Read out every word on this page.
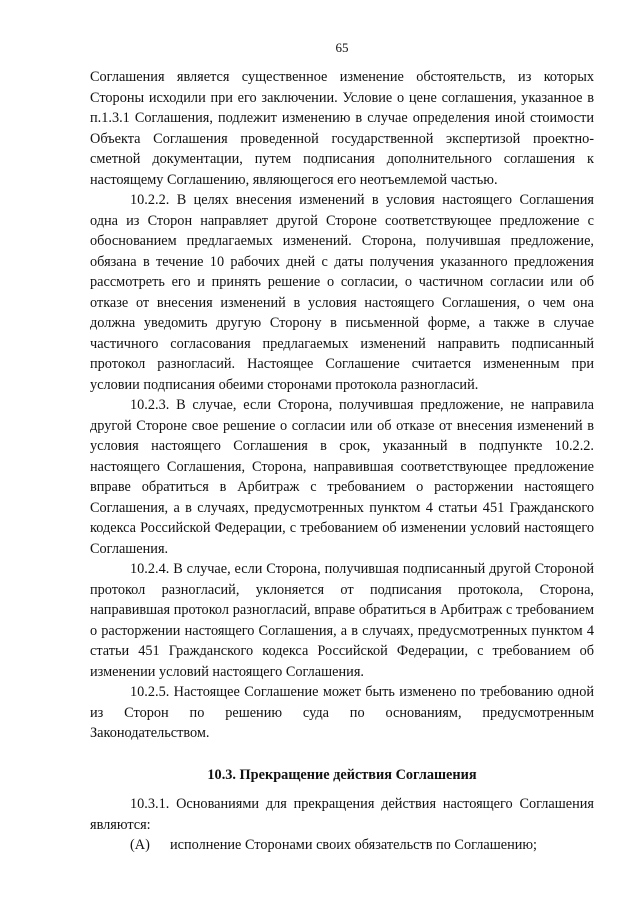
65

Соглашения является существенное изменение обстоятельств, из которых Стороны исходили при его заключении. Условие о цене соглашения, указанное в п.1.3.1 Соглашения, подлежит изменению в случае определения иной стоимости Объекта Соглашения проведенной государственной экспертизой проектно-сметной документации, путем подписания дополнительного соглашения к настоящему Соглашению, являющегося его неотъемлемой частью.

10.2.2. В целях внесения изменений в условия настоящего Соглашения одна из Сторон направляет другой Стороне соответствующее предложение с обоснованием предлагаемых изменений. Сторона, получившая предложение, обязана в течение 10 рабочих дней с даты получения указанного предложения рассмотреть его и принять решение о согласии, о частичном согласии или об отказе от внесения изменений в условия настоящего Соглашения, о чем она должна уведомить другую Сторону в письменной форме, а также в случае частичного согласования предлагаемых изменений направить подписанный протокол разногласий. Настоящее Соглашение считается измененным при условии подписания обеими сторонами протокола разногласий.

10.2.3. В случае, если Сторона, получившая предложение, не направила другой Стороне свое решение о согласии или об отказе от внесения изменений в условия настоящего Соглашения в срок, указанный в подпункте 10.2.2. настоящего Соглашения, Сторона, направившая соответствующее предложение вправе обратиться в Арбитраж с требованием о расторжении настоящего Соглашения, а в случаях, предусмотренных пунктом 4 статьи 451 Гражданского кодекса Российской Федерации, с требованием об изменении условий настоящего Соглашения.

10.2.4. В случае, если Сторона, получившая подписанный другой Стороной протокол разногласий, уклоняется от подписания протокола, Сторона, направившая протокол разногласий, вправе обратиться в Арбитраж с требованием о расторжении настоящего Соглашения, а в случаях, предусмотренных пунктом 4 статьи 451 Гражданского кодекса Российской Федерации, с требованием об изменении условий настоящего Соглашения.

10.2.5. Настоящее Соглашение может быть изменено по требованию одной из Сторон по решению суда по основаниям, предусмотренным Законодательством.

10.3. Прекращение действия Соглашения

10.3.1. Основаниями для прекращения действия настоящего Соглашения являются:

(А)	исполнение Сторонами своих обязательств по Соглашению;
